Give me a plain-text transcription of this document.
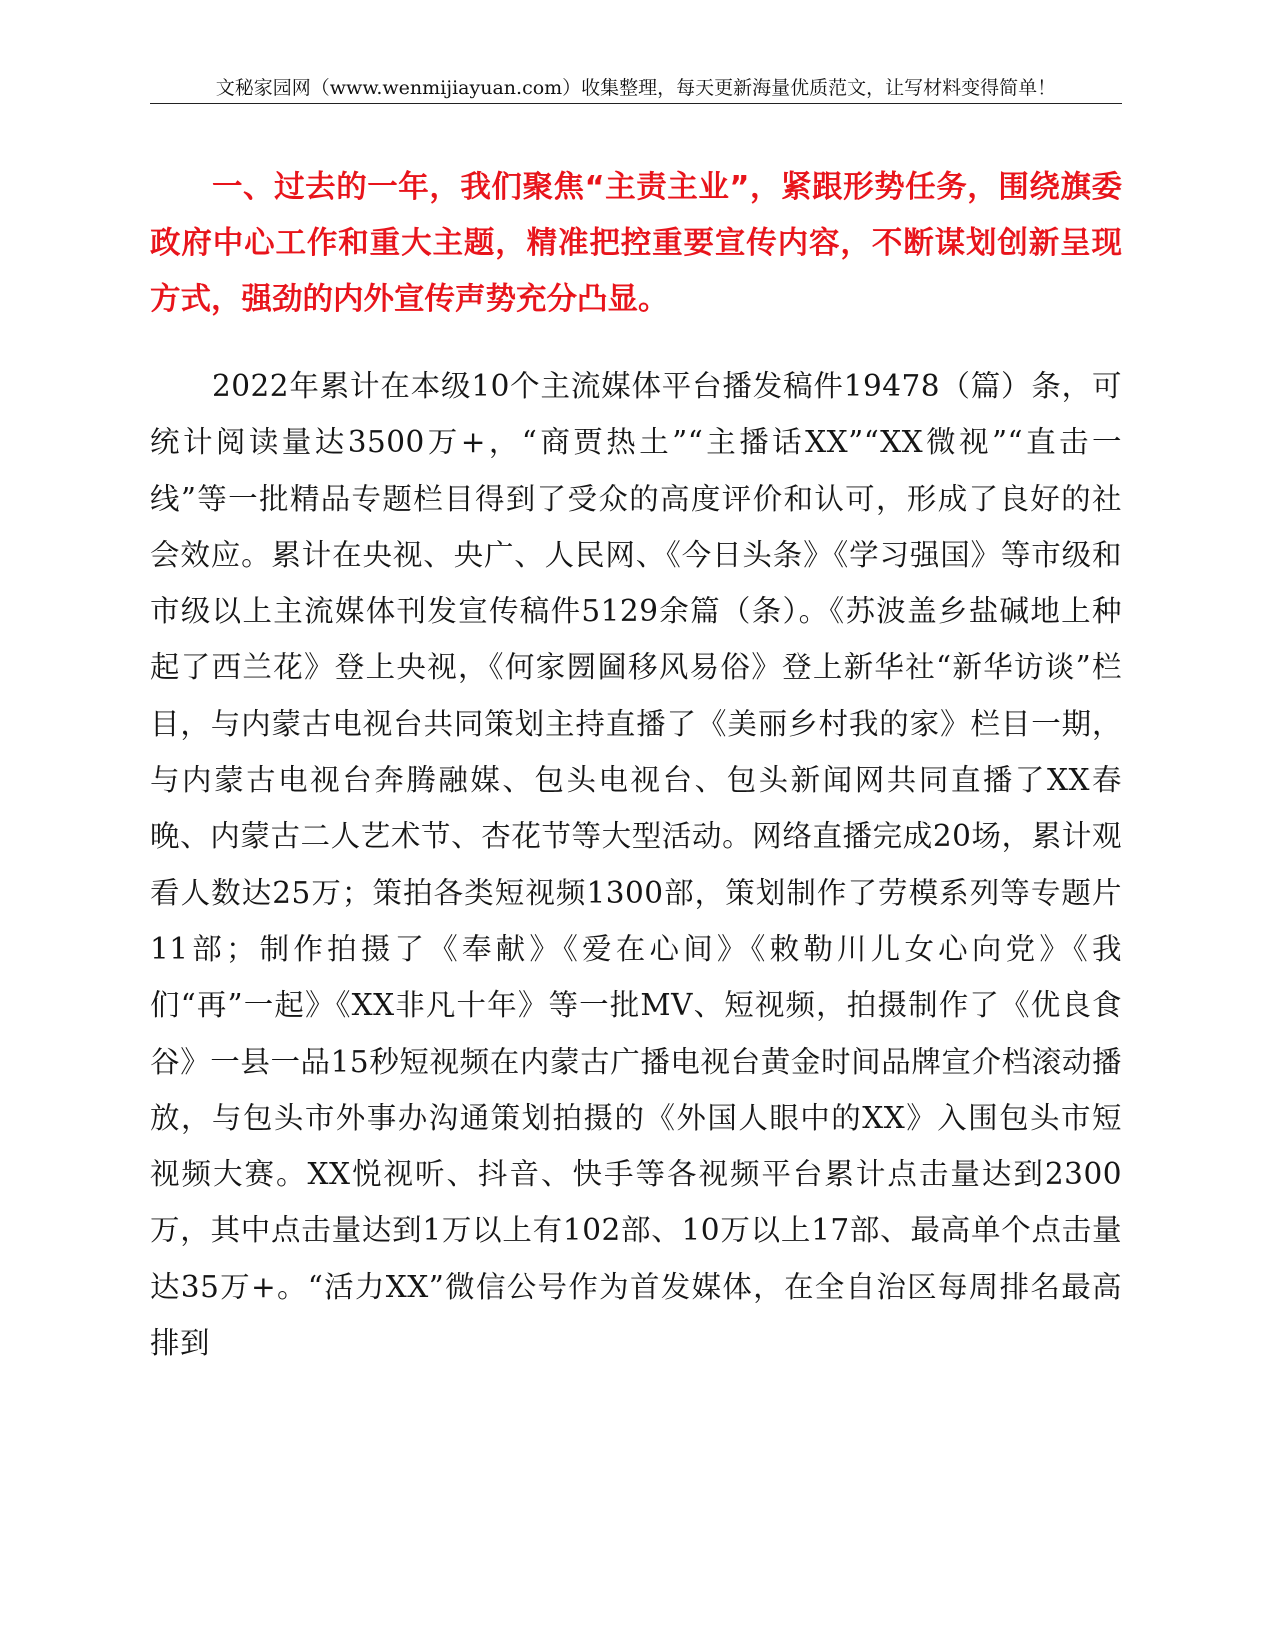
文秘家园网（www.wenmijiayuan.com）收集整理，每天更新海量优质范文，让写材料变得简单！

一、过去的一年，我们聚焦“主责主业”，紧跟形势任务，围绕旗委政府中心工作和重大主题，精准把控重要宣传内容，不断谋划创新呈现方式，强劲的内外宣传声势充分凸显。

2022年累计在本级10个主流媒体平台播发稿件19478（篇）条，可统计阅读量达3500万+，“商贾热土”“主播话XX”“XX微视”“直击一线”等一批精品专题栏目得到了受众的高度评价和认可，形成了良好的社会效应。累计在央视、央广、人民网、《今日头条》《学习强国》等市级和市级以上主流媒体刊发宣传稿件5129余篇（条）。《苏波盖乡盐碱地上种起了西兰花》登上央视，《何家圐圙移风易俗》登上新华社“新华访谈”栏目，与内蒙古电视台共同策划主持直播了《美丽乡村我的家》栏目一期，与内蒙古电视台奔腾融媒、包头电视台、包头新闻网共同直播了XX春晚、内蒙古二人艺术节、杏花节等大型活动。网络直播完成20场，累计观看人数达25万；策拍各类短视频1300部，策划制作了劳模系列等专题片11部；制作拍摄了《奉献》《爱在心间》《敕勒川儿女心向党》《我们“再”一起》《XX非凡十年》等一批MV、短视频，拍摄制作了《优良食谷》一县一品15秒短视频在内蒙古广播电视台黄金时间品牌宣介档滚动播放，与包头市外事办沟通策划拍摄的《外国人眼中的XX》入围包头市短视频大赛。XX悦视听、抖音、快手等各视频平台累计点击量达到2300万，其中点击量达到1万以上有102部、10万以上17部、最高单个点击量达35万+。“活力XX”微信公号作为首发媒体，在全自治区每周排名最高排到
